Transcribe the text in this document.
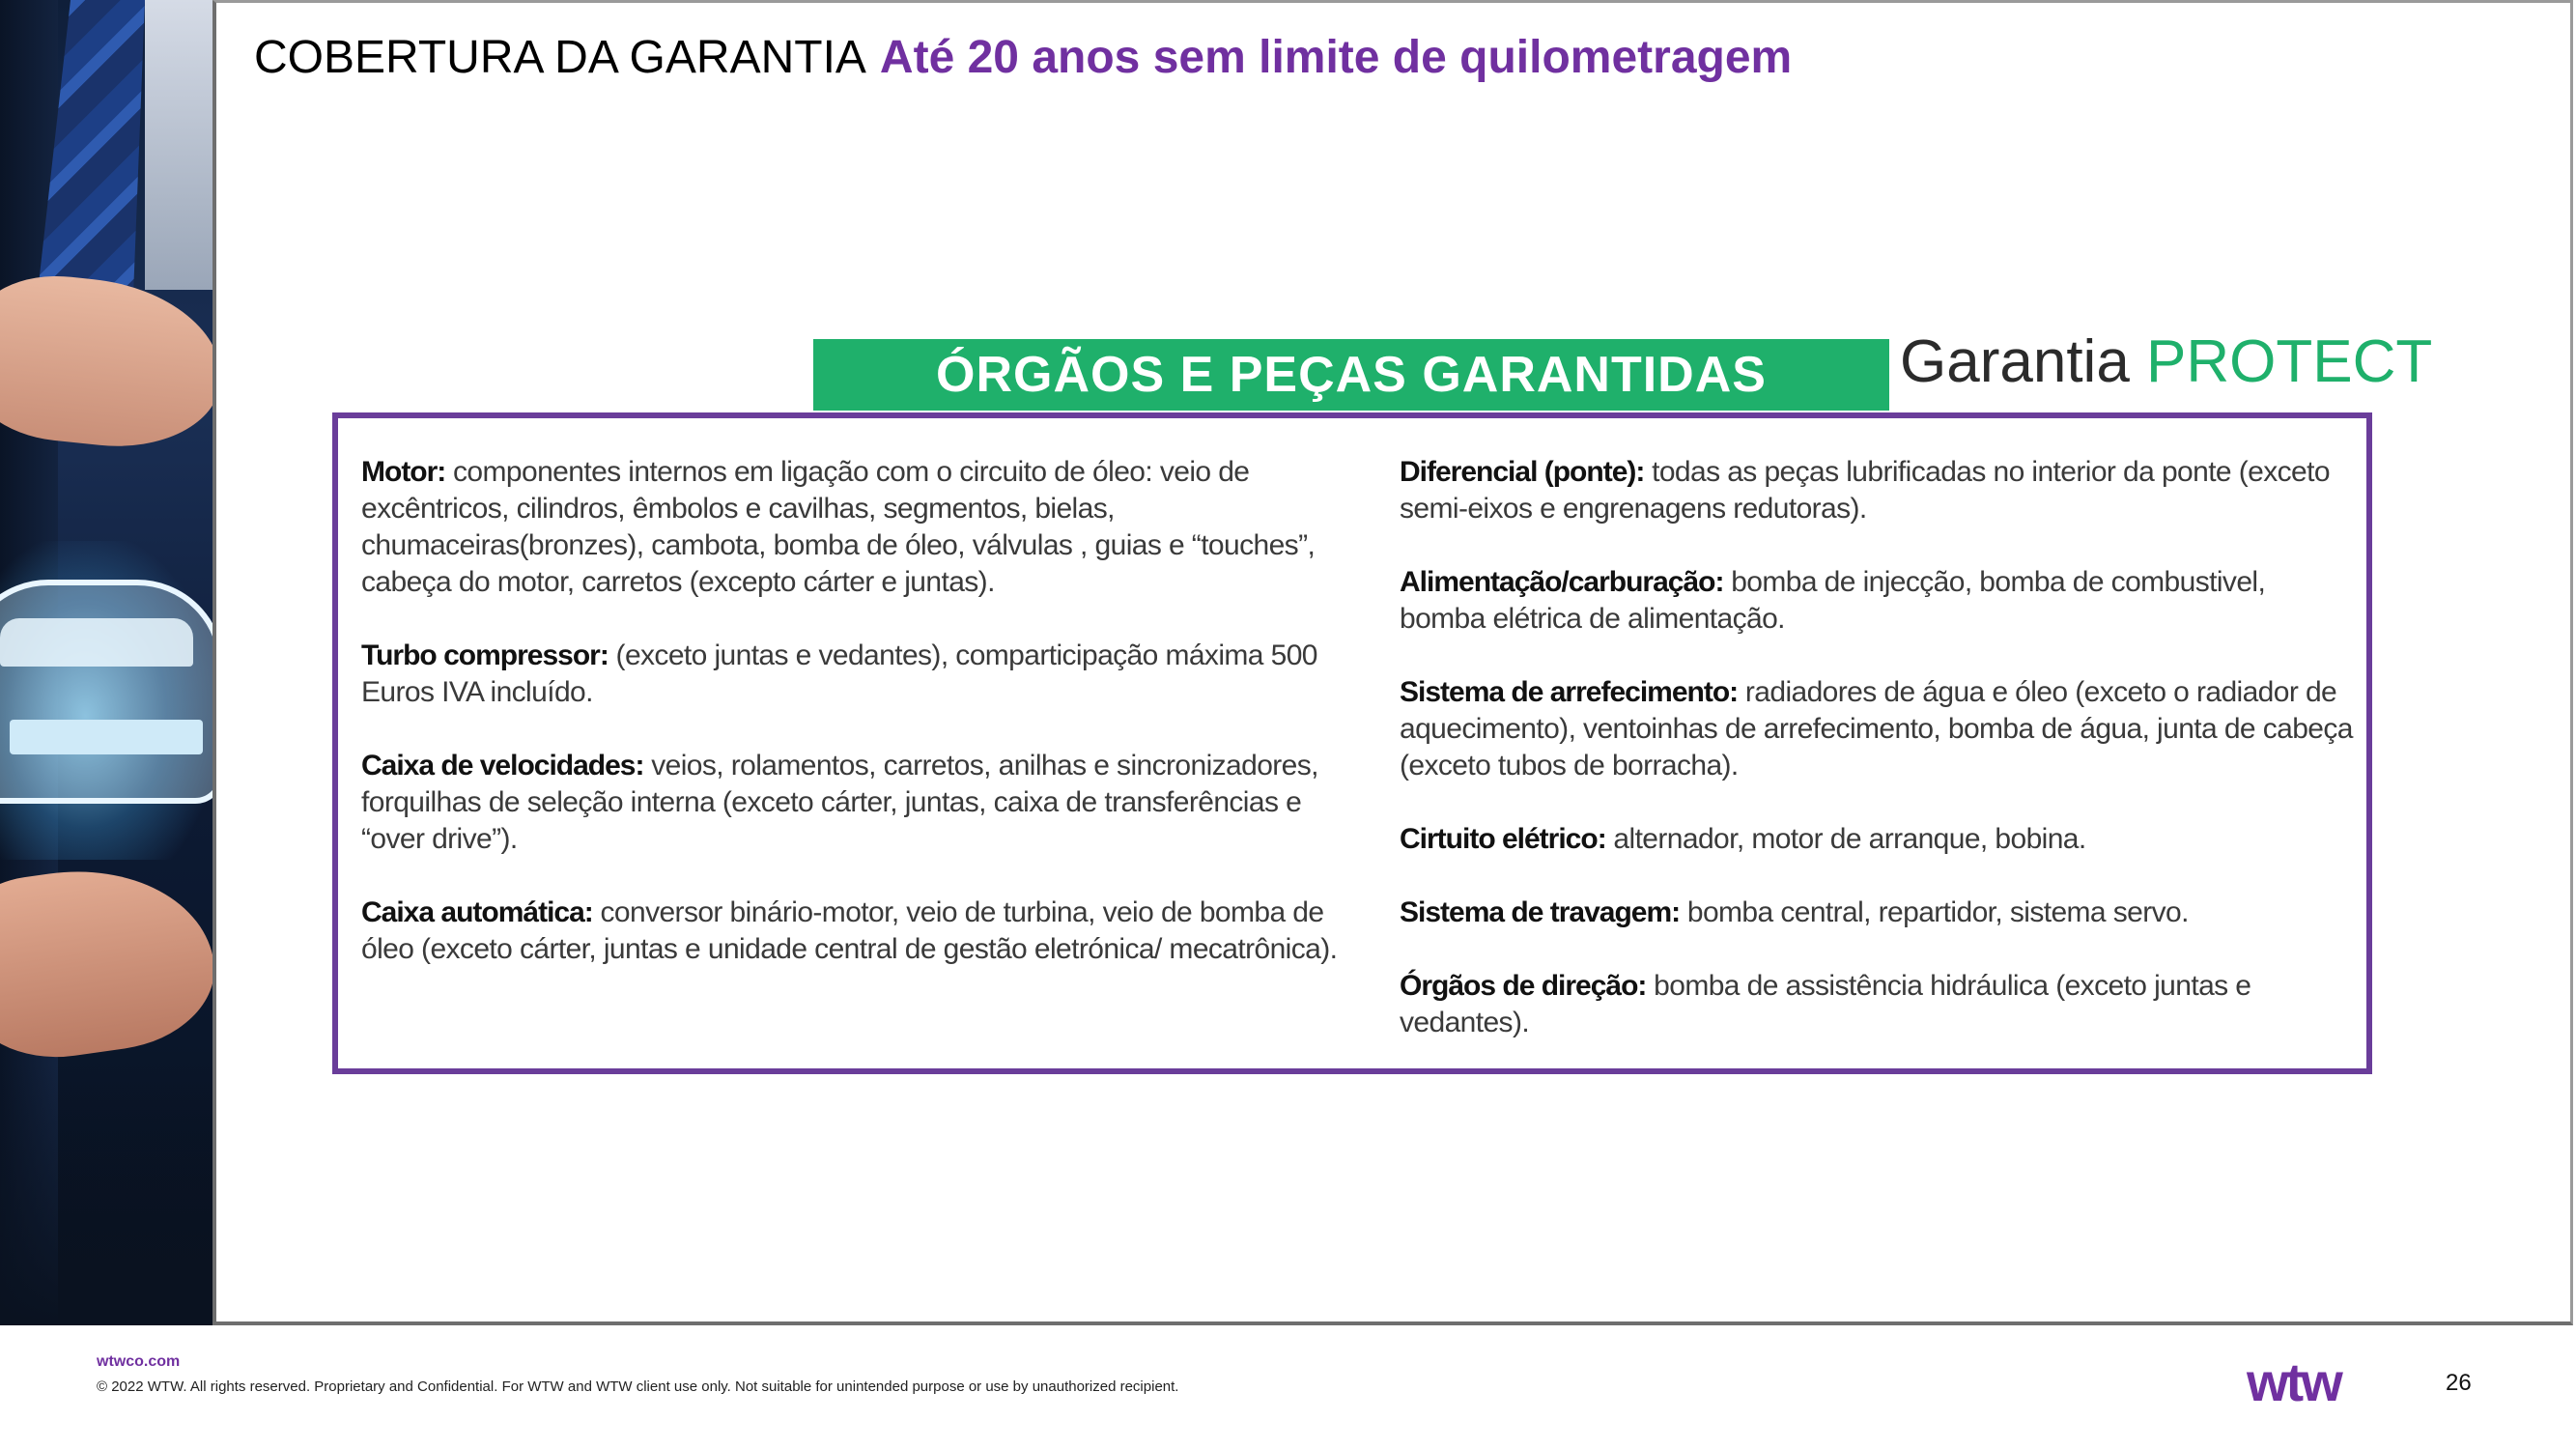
COBERTURA DA GARANTIA Até 20 anos sem limite de quilometragem
ÓRGÃOS E PEÇAS GARANTIDAS	Garantia PROTECT

Motor: componentes internos em ligação com o circuito de óleo: veio de excêntricos, cilindros, êmbolos e cavilhas, segmentos, bielas, chumaceiras(bronzes), cambota, bomba de óleo, válvulas , guias e “touches”, cabeça do motor, carretos (excepto cárter e juntas).

Turbo compressor: (exceto juntas e vedantes), comparticipação máxima 500 Euros IVA incluído.

Caixa de velocidades: veios, rolamentos, carretos, anilhas e sincronizadores, forquilhas de seleção interna (exceto cárter, juntas, caixa de transferências e “over drive”).

Caixa automática: conversor binário-motor, veio de turbina, veio de bomba de óleo (exceto cárter, juntas e unidade central de gestão eletrónica/ mecatrônica).

Diferencial (ponte): todas as peças lubrificadas no interior da ponte (exceto semi-eixos e engrenagens redutoras).

Alimentação/carburação: bomba de injecção, bomba de combustivel, bomba elétrica de alimentação.

Sistema de arrefecimento: radiadores de água e óleo (exceto o radiador de aquecimento), ventoinhas de arrefecimento, bomba de água, junta de cabeça (exceto tubos de borracha).

Cirtuito elétrico: alternador, motor de arranque, bobina.

Sistema de travagem: bomba central, repartidor, sistema servo.

Órgãos de direção: bomba de assistência hidráulica (exceto juntas e vedantes).

wtwco.com
© 2022 WTW. All rights reserved. Proprietary and Confidential. For WTW and WTW client use only. Not suitable for unintended purpose or use by unauthorized recipient.	wtw	26
